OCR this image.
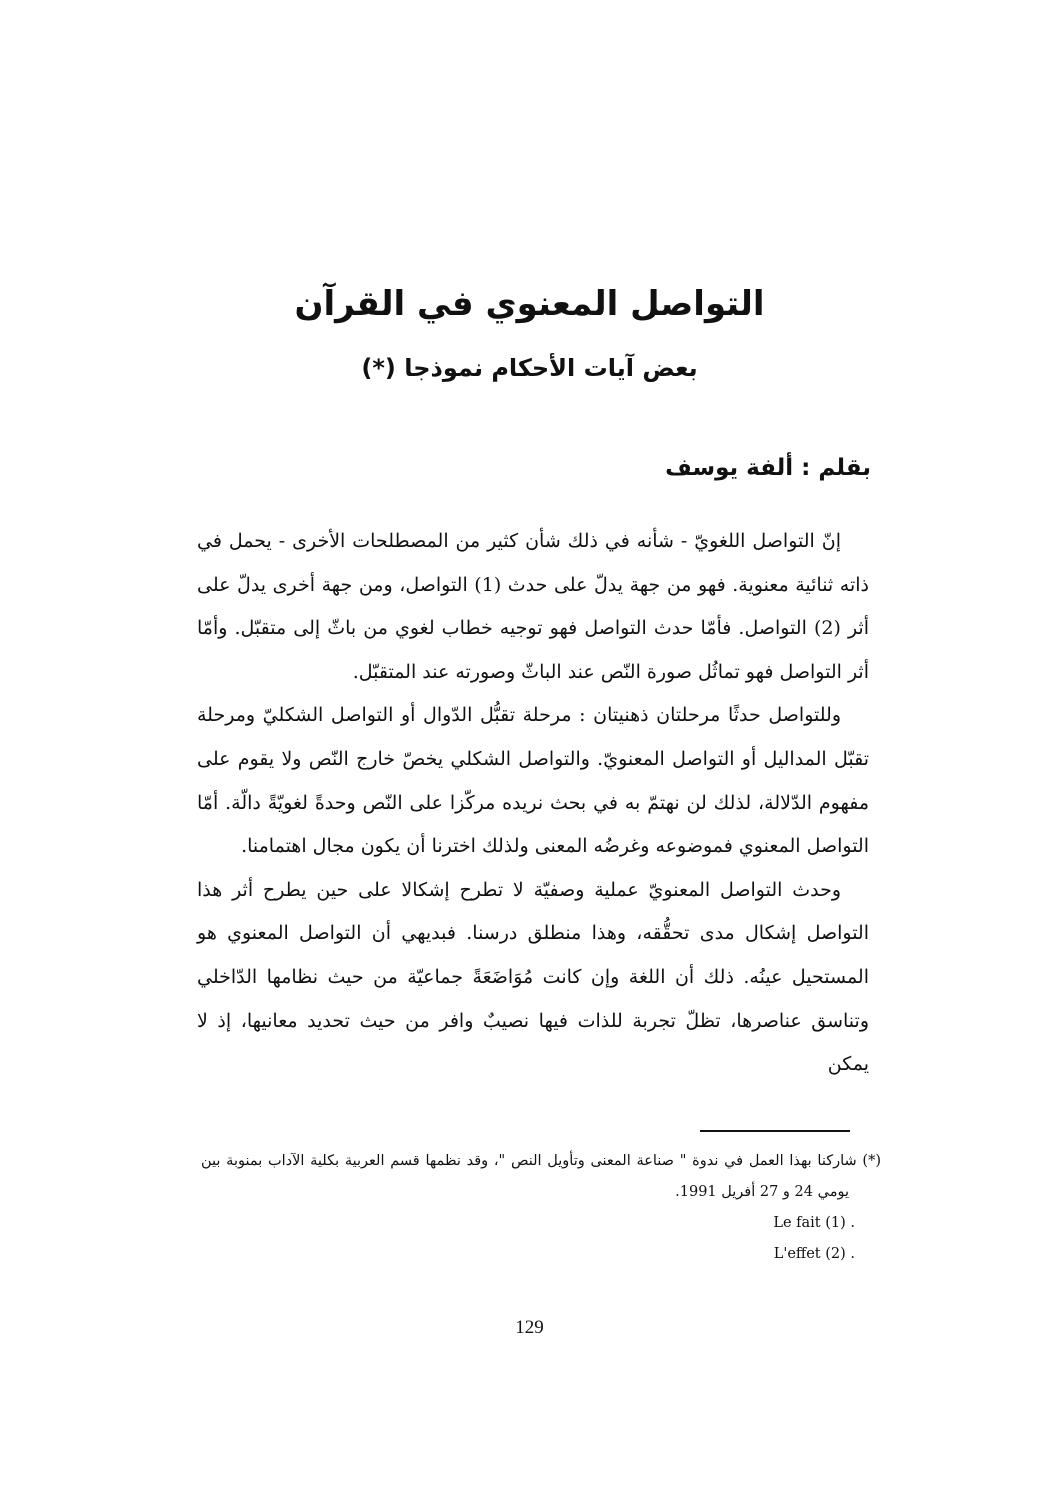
التواصل المعنوي في القرآن
بعض آيات الأحكام نموذجا (*)
بقلم : ألفة يوسف

إنّ التواصل اللغويّ - شأنه في ذلك شأن كثير من المصطلحات الأخرى - يحمل في ذاته ثنائية معنوية. فهو من جهة يدلّ على حدث (1) التواصل، ومن جهة أخرى يدلّ على أثر (2) التواصل. فأمّا حدث التواصل فهو توجيه خطاب لغوي من باثّ إلى متقبّل. وأمّا أثر التواصل فهو تماثُل صورة النّص عند الباثّ وصورته عند المتقبّل.

وللتواصل حدثًا مرحلتان ذهنيتان : مرحلة تقبُّل الدّوال أو التواصل الشكليّ ومرحلة تقبّل المداليل أو التواصل المعنويّ. والتواصل الشكلي يخصّ خارج النّص ولا يقوم على مفهوم الدّلالة، لذلك لن نهتمّ به في بحث نريده مركّزا على النّص وحدةً لغويّةً دالّة. أمّا التواصل المعنوي فموضوعه وغرضُه المعنى ولذلك اخترنا أن يكون مجال اهتمامنا.

وحدث التواصل المعنويّ عملية وصفيّة لا تطرح إشكالا على حين يطرح أثر هذا التواصل إشكال مدى تحقُّقه، وهذا منطلق درسنا. فبديهي أن التواصل المعنوي هو المستحيل عينُه. ذلك أن اللغة وإن كانت مُوَاضَعَةً جماعيّة من حيث نظامها الدّاخلي وتناسق عناصرها، تظلّ تجربة للذات فيها نصيبٌ وافر من حيث تحديد معانيها، إذ لا يمكن

(*) شاركنا بهذا العمل في ندوة " صناعة المعنى وتأويل النص "، وقد نظمها قسم العربية بكلية الآداب بمنوبة بين يومي 24 و 27 أفريل 1991.

. Le fait (1)

. L'effet (2)

129
